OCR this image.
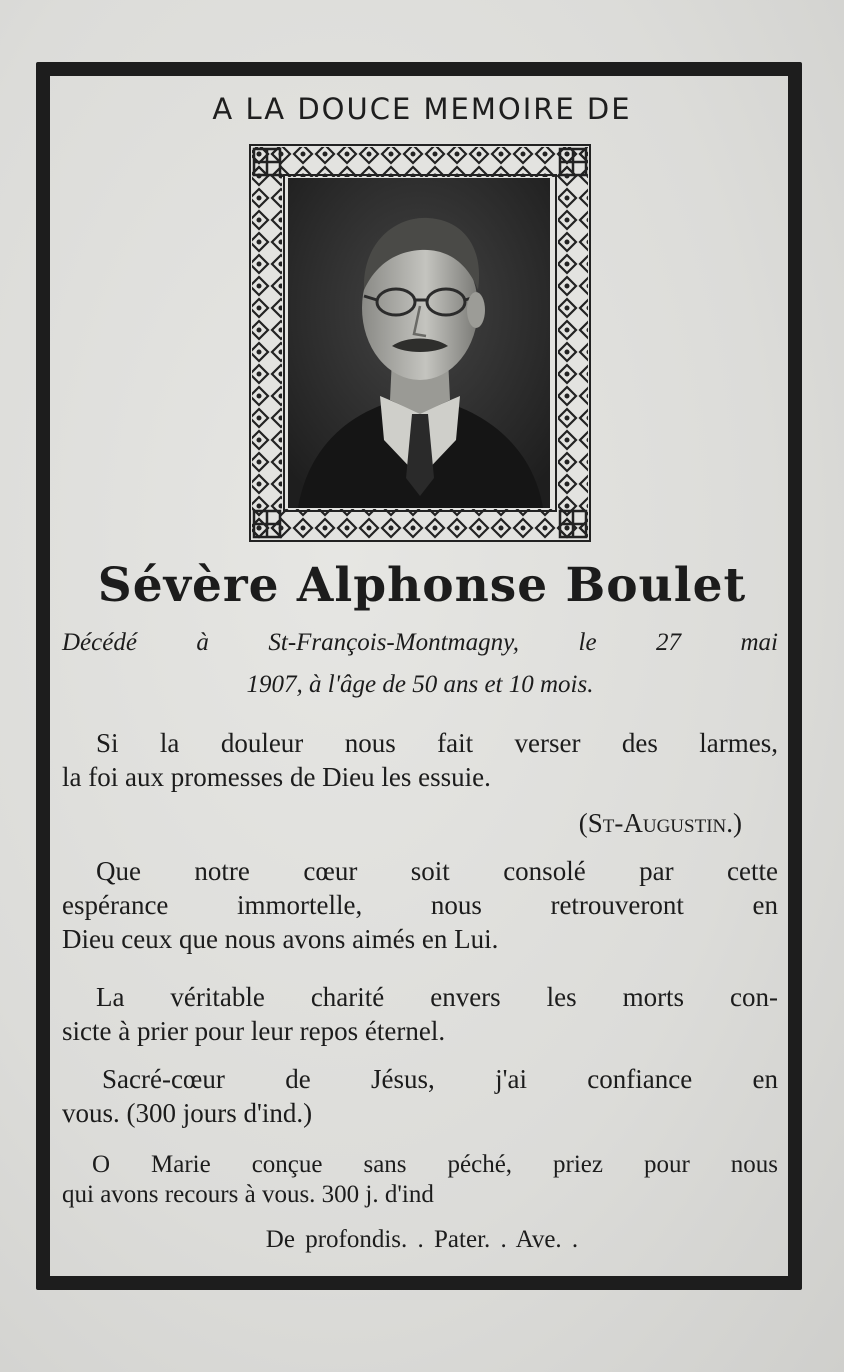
A LA DOUCE MEMOIRE DE
Sévère Alphonse Boulet
Décédé à St-François-Montmagny, le 27 mai
1907, à l'âge de 50 ans et 10 mois.
Si la douleur nous fait verser des larmes,
la foi aux promesses de Dieu les essuie.
(St-Augustin.)
Que notre cœur soit consolé par cette
espérance immortelle, nous retrouveront en
Dieu ceux que nous avons aimés en Lui.
La véritable charité envers les morts con-
sicte à prier pour leur repos éternel.
Sacré-cœur de Jésus, j'ai confiance en
vous. (300 jours d'ind.)
O Marie conçue sans péché, priez pour nous
qui avons recours à vous. 300 j. d'ind
De profondis. . Pater. . Ave. .
